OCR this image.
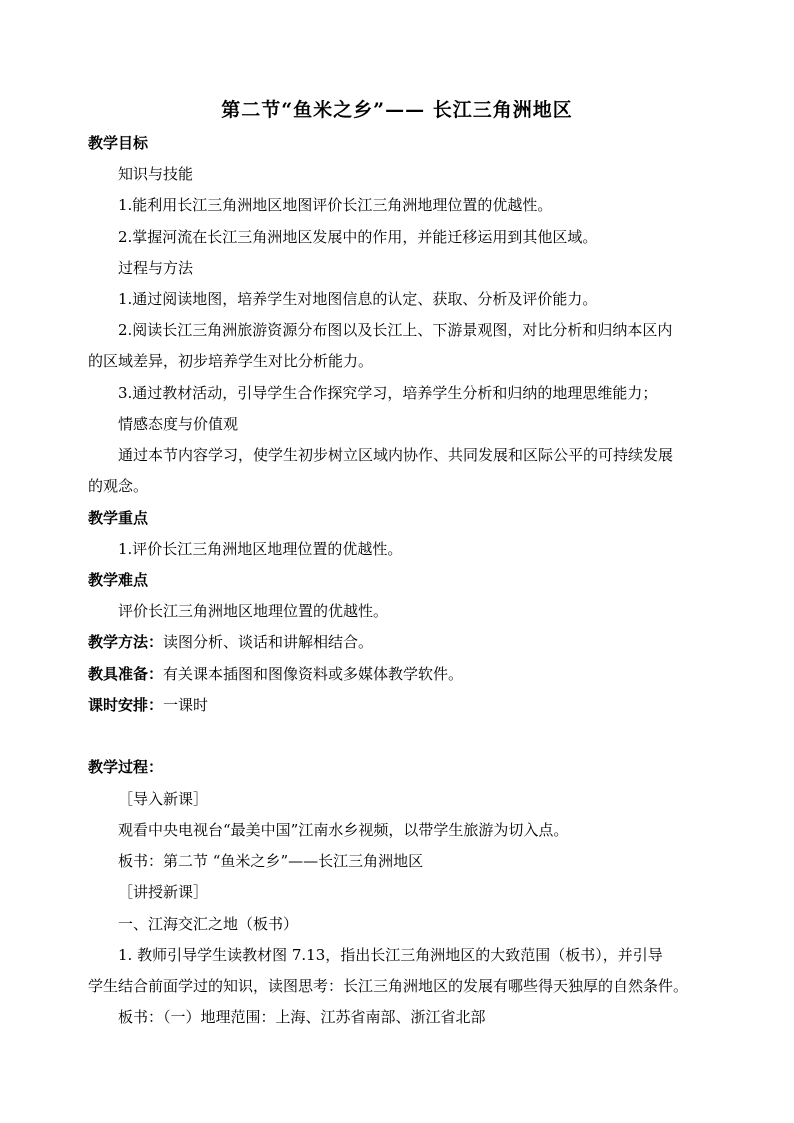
第二节“鱼米之乡”—— 长江三角洲地区
教学目标
知识与技能
1.能利用长江三角洲地区地图评价长江三角洲地理位置的优越性。
2.掌握河流在长江三角洲地区发展中的作用，并能迁移运用到其他区域。
过程与方法
1.通过阅读地图，培养学生对地图信息的认定、获取、分析及评价能力。
2.阅读长江三角洲旅游资源分布图以及长江上、下游景观图，对比分析和归纳本区内
的区域差异，初步培养学生对比分析能力。
3.通过教材活动，引导学生合作探究学习，培养学生分析和归纳的地理思维能力；
情感态度与价值观
通过本节内容学习，使学生初步树立区域内协作、共同发展和区际公平的可持续发展
的观念。
教学重点
1.评价长江三角洲地区地理位置的优越性。
教学难点
评价长江三角洲地区地理位置的优越性。
教学方法：读图分析、谈话和讲解相结合。
教具准备：有关课本插图和图像资料或多媒体教学软件。
课时安排：一课时
教学过程：
［导入新课］
观看中央电视台“最美中国”江南水乡视频，以带学生旅游为切入点。
板书：第二节 “鱼米之乡”——长江三角洲地区
［讲授新课］
一、江海交汇之地（板书）
1. 教师引导学生读教材图 7.13，指出长江三角洲地区的大致范围（板书），并引导
学生结合前面学过的知识，读图思考：长江三角洲地区的发展有哪些得天独厚的自然条件。
板书：（一）地理范围：上海、江苏省南部、浙江省北部
